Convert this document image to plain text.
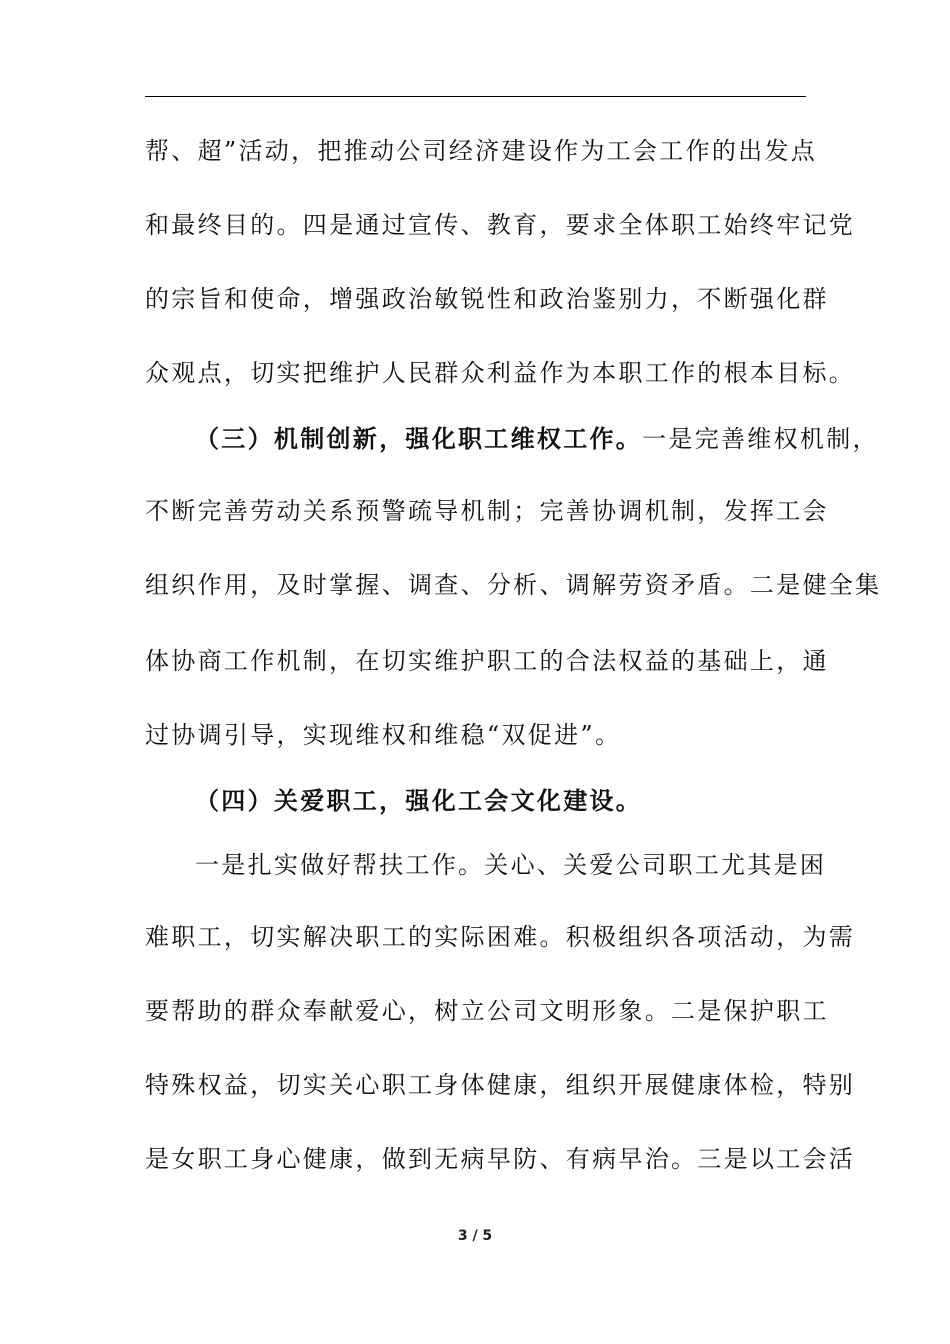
帮、超”活动，把推动公司经济建设作为工会工作的出发点
和最终目的。四是通过宣传、教育，要求全体职工始终牢记党
的宗旨和使命，增强政治敏锐性和政治鉴别力，不断强化群
众观点，切实把维护人民群众利益作为本职工作的根本目标。
（三）机制创新，强化职工维权工作。一是完善维权机制，
不断完善劳动关系预警疏导机制；完善协调机制，发挥工会
组织作用，及时掌握、调查、分析、调解劳资矛盾。二是健全集
体协商工作机制，在切实维护职工的合法权益的基础上，通
过协调引导，实现维权和维稳“双促进”。
（四）关爱职工，强化工会文化建设。
一是扎实做好帮扶工作。关心、关爱公司职工尤其是困
难职工，切实解决职工的实际困难。积极组织各项活动，为需
要帮助的群众奉献爱心，树立公司文明形象。二是保护职工
特殊权益，切实关心职工身体健康，组织开展健康体检，特别
是女职工身心健康，做到无病早防、有病早治。三是以工会活
3 / 5
